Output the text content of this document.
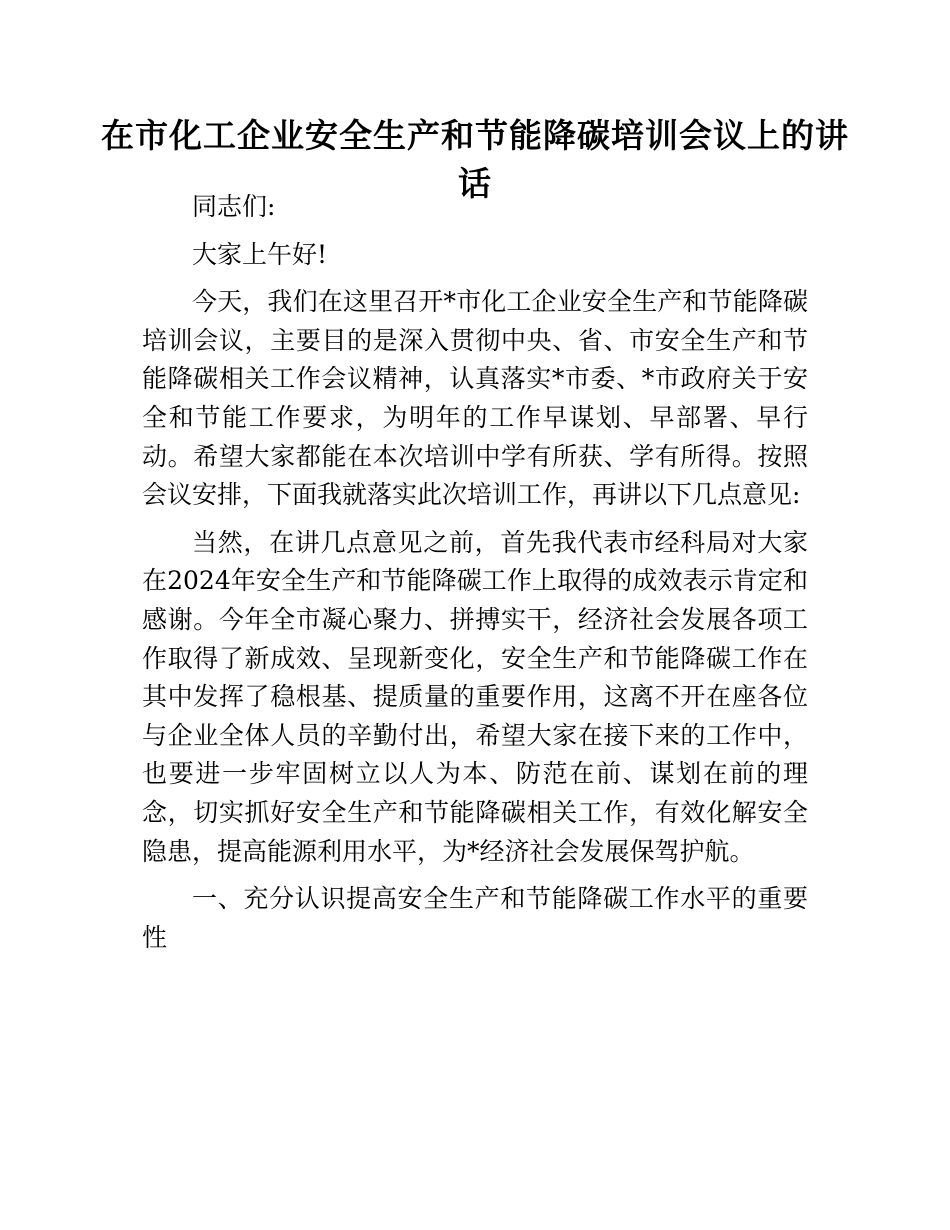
在市化工企业安全生产和节能降碳培训会议上的讲话

同志们:

大家上午好!

今天，我们在这里召开*市化工企业安全生产和节能降碳培训会议，主要目的是深入贯彻中央、省、市安全生产和节能降碳相关工作会议精神，认真落实*市委、*市政府关于安全和节能工作要求，为明年的工作早谋划、早部署、早行动。希望大家都能在本次培训中学有所获、学有所得。按照会议安排，下面我就落实此次培训工作，再讲以下几点意见:

当然，在讲几点意见之前，首先我代表市经科局对大家在2024年安全生产和节能降碳工作上取得的成效表示肯定和感谢。今年全市凝心聚力、拼搏实干，经济社会发展各项工作取得了新成效、呈现新变化，安全生产和节能降碳工作在其中发挥了稳根基、提质量的重要作用，这离不开在座各位与企业全体人员的辛勤付出，希望大家在接下来的工作中，也要进一步牢固树立以人为本、防范在前、谋划在前的理念，切实抓好安全生产和节能降碳相关工作，有效化解安全隐患，提高能源利用水平，为*经济社会发展保驾护航。

一、充分认识提高安全生产和节能降碳工作水平的重要性
